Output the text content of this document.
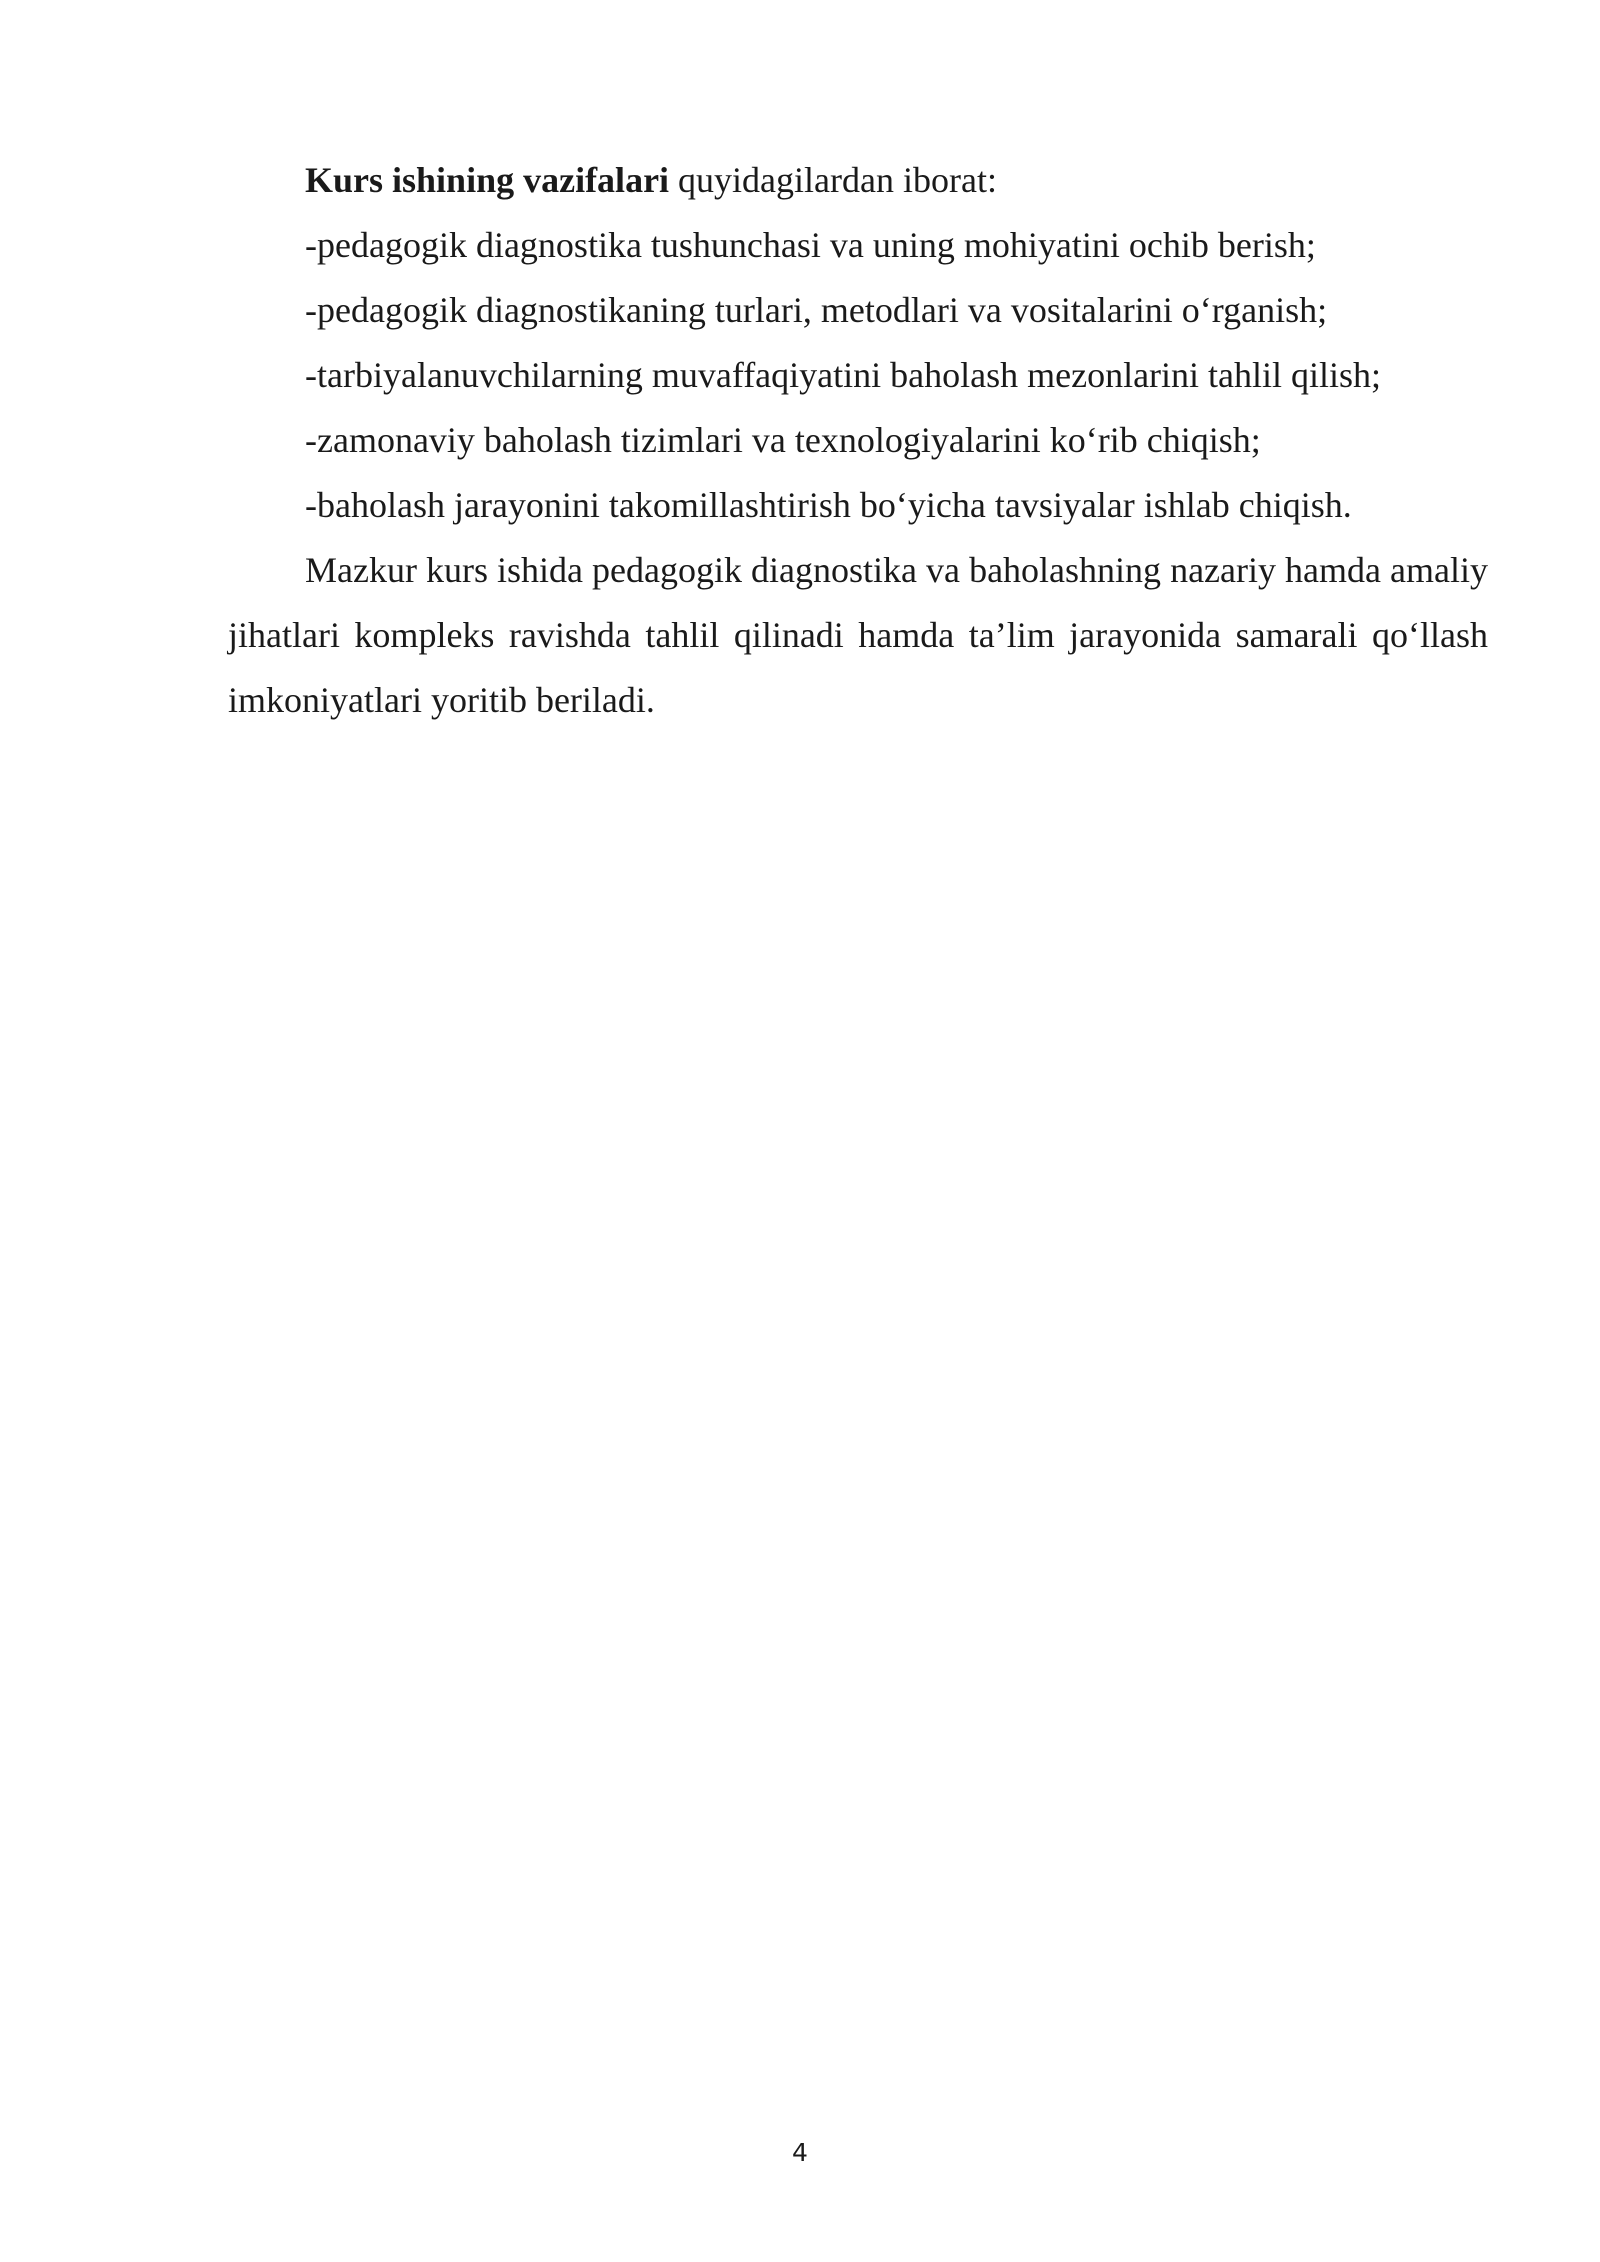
Kurs ishining vazifalari quyidagilardan iborat:

-pedagogik diagnostika tushunchasi va uning mohiyatini ochib berish;

-pedagogik diagnostikaning turlari, metodlari va vositalarini o‘rganish;

-tarbiyalanuvchilarning muvaffaqiyatini baholash mezonlarini tahlil qilish;

-zamonaviy baholash tizimlari va texnologiyalarini ko‘rib chiqish;

-baholash jarayonini takomillashtirish bo‘yicha tavsiyalar ishlab chiqish.

Mazkur kurs ishida pedagogik diagnostika va baholashning nazariy hamda amaliy jihatlari kompleks ravishda tahlil qilinadi hamda ta’lim jarayonida samarali qo‘llash imkoniyatlari yoritib beriladi.

4
